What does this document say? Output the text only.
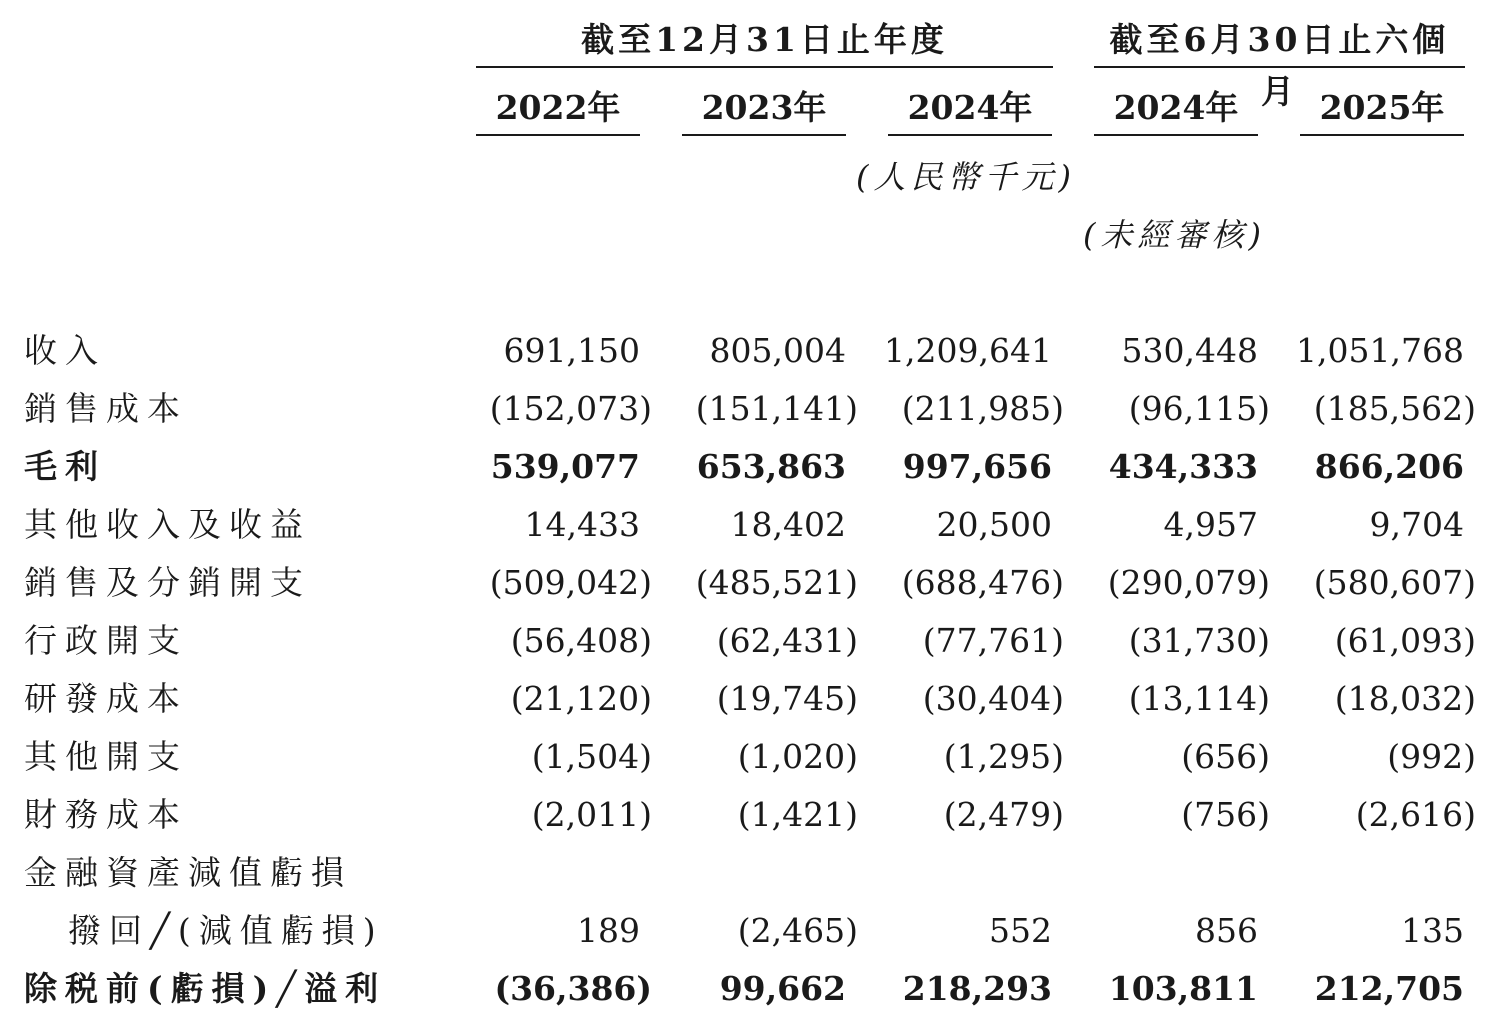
截至12月31日止年度	截至6月30日止六個月
2022年	2023年	2024年	2024年	2025年
(人民幣千元)
(未經審核)
收入	691,150	805,004	1,209,641	530,448	1,051,768
銷售成本	(152,073)	(151,141)	(211,985)	(96,115)	(185,562)
毛利	539,077	653,863	997,656	434,333	866,206
其他收入及收益	14,433	18,402	20,500	4,957	9,704
銷售及分銷開支	(509,042)	(485,521)	(688,476)	(290,079)	(580,607)
行政開支	(56,408)	(62,431)	(77,761)	(31,730)	(61,093)
研發成本	(21,120)	(19,745)	(30,404)	(13,114)	(18,032)
其他開支	(1,504)	(1,020)	(1,295)	(656)	(992)
財務成本	(2,011)	(1,421)	(2,479)	(756)	(2,616)
金融資產減值虧損
撥回╱(減值虧損)	189	(2,465)	552	856	135
除税前(虧損)╱溢利	(36,386)	99,662	218,293	103,811	212,705
